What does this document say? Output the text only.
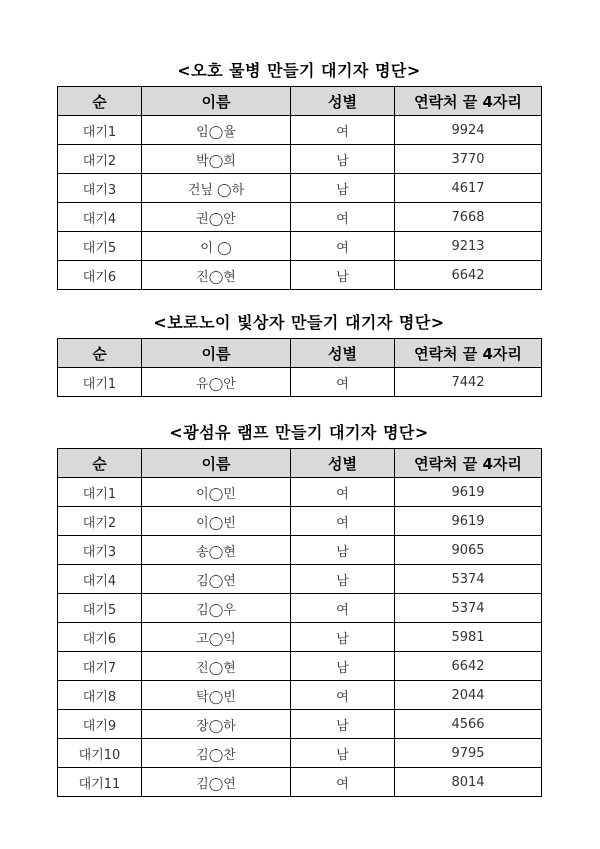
<오호 물병 만들기 대기자 명단>
순	이름	성별	연락처 끝 4자리
대기1	임◯율	여	9924
대기2	박◯희	남	3770
대기3	건닢 ◯하	남	4617
대기4	권◯안	여	7668
대기5	이 ◯	여	9213
대기6	진◯현	남	6642
<보로노이 빛상자 만들기 대기자 명단>
순	이름	성별	연락처 끝 4자리
대기1	유◯안	여	7442
<광섬유 램프 만들기 대기자 명단>
순	이름	성별	연락처 끝 4자리
대기1	이◯민	여	9619
대기2	이◯빈	여	9619
대기3	송◯현	남	9065
대기4	김◯연	남	5374
대기5	김◯우	여	5374
대기6	고◯익	남	5981
대기7	진◯현	남	6642
대기8	탁◯빈	여	2044
대기9	장◯하	남	4566
대기10	김◯찬	남	9795
대기11	김◯연	여	8014
